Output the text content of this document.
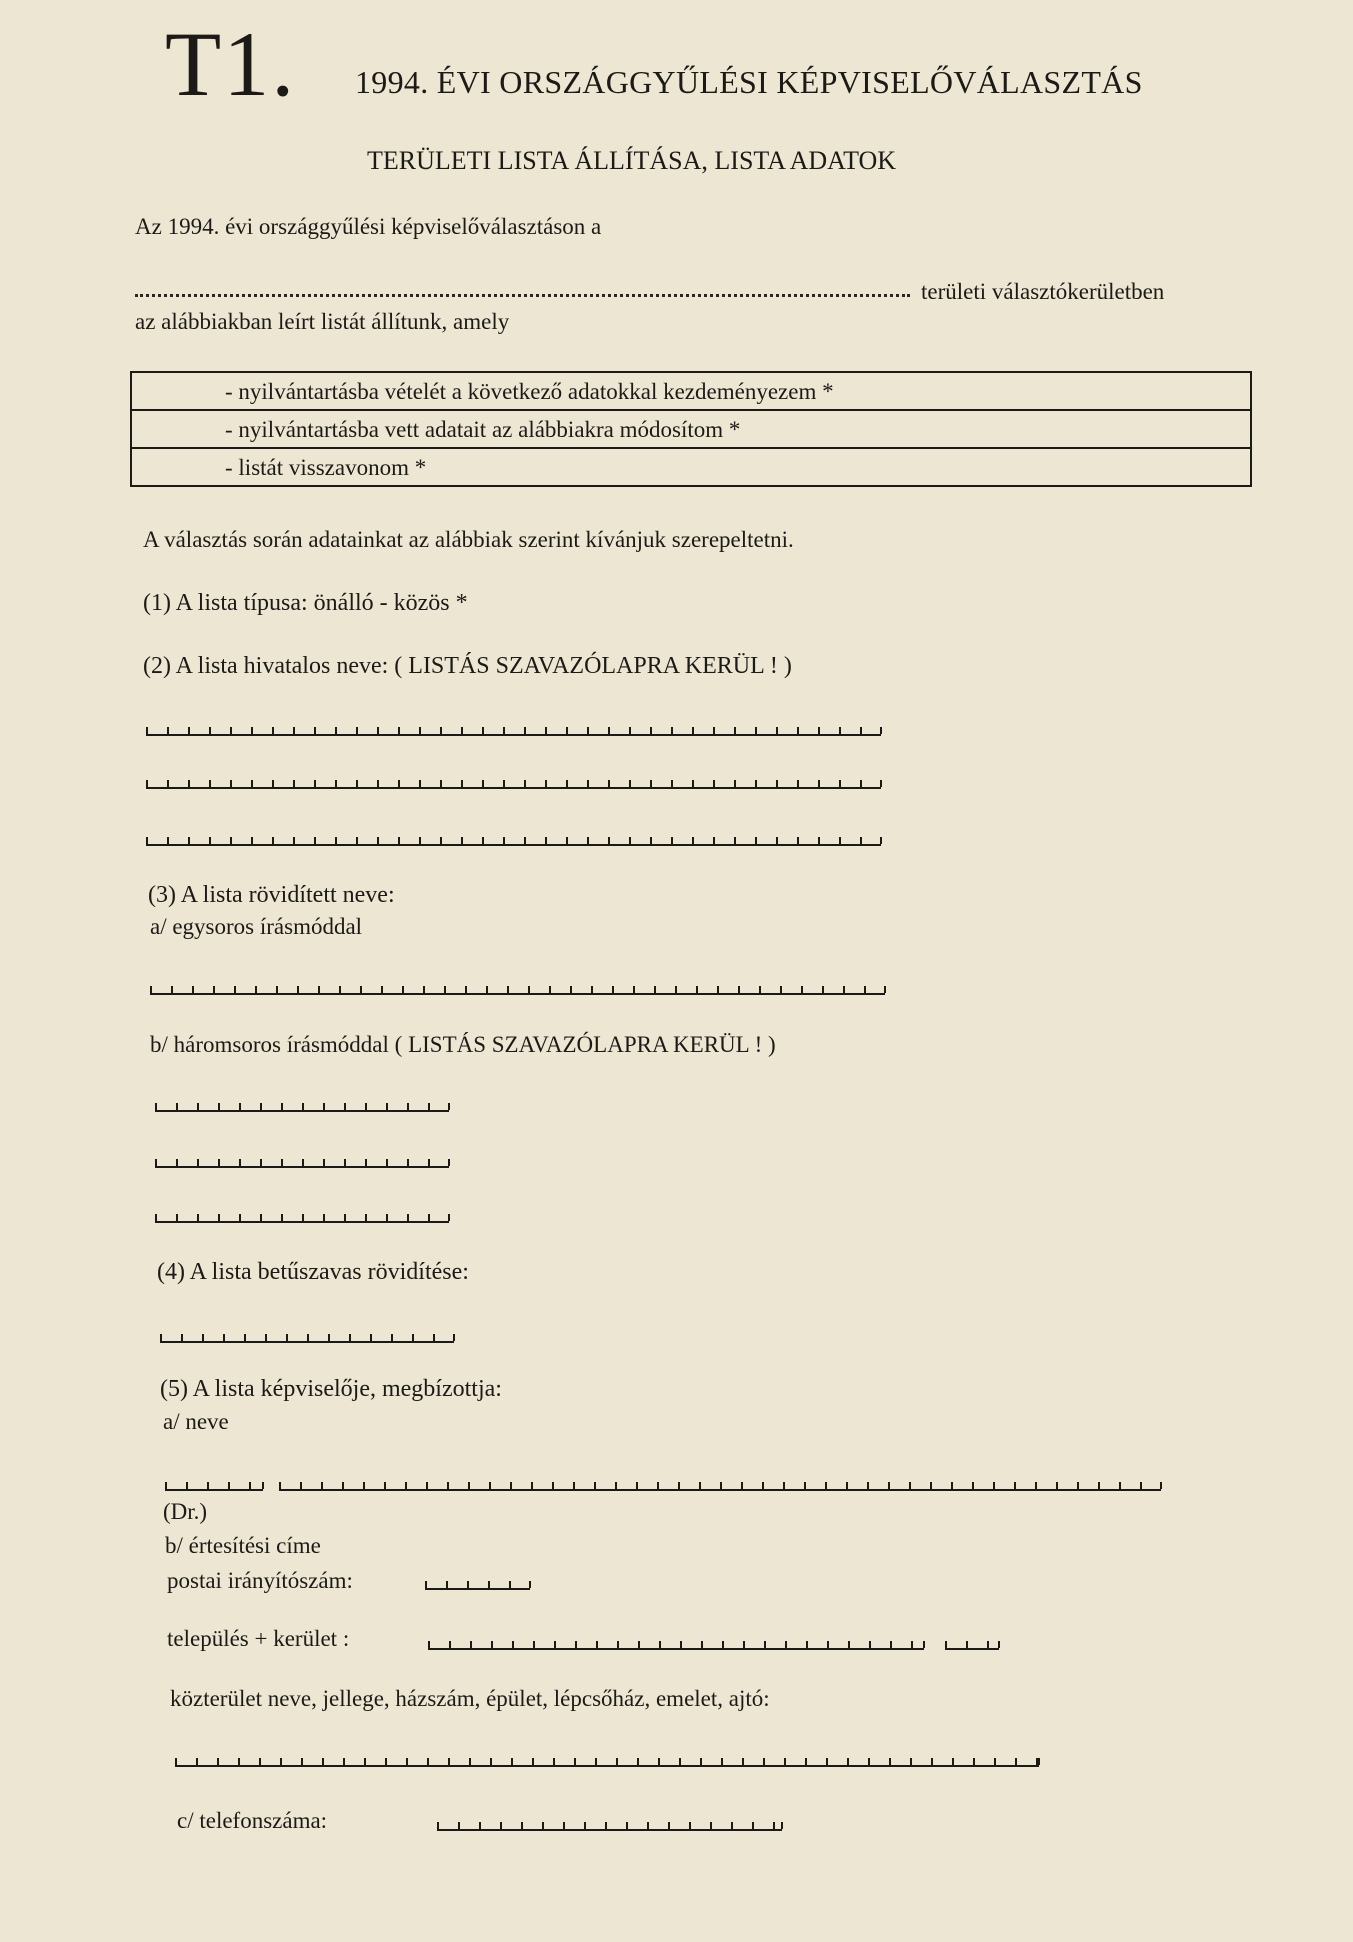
T1. 1994. ÉVI ORSZÁGGYŰLÉSI KÉPVISELŐVÁLASZTÁS
TERÜLETI LISTA ÁLLÍTÁSA, LISTA ADATOK
Az 1994. évi országgyűlési képviselőválasztáson a
területi választókerületben
az alábbiakban leírt listát állítunk, amely
- nyilvántartásba vételét a következő adatokkal kezdeményezem *
- nyilvántartásba vett adatait az alábbiakra módosítom *
- listát visszavonom *
A választás során adatainkat az alábbiak szerint kívánjuk szerepeltetni.
(1) A lista típusa: önálló - közös *
(2) A lista hivatalos neve: ( LISTÁS SZAVAZÓLAPRA KERÜL ! )
(3) A lista rövidített neve:
a/ egysoros írásmóddal
b/ háromsoros írásmóddal ( LISTÁS SZAVAZÓLAPRA KERÜL ! )
(4) A lista betűszavas rövidítése:
(5) A lista képviselője, megbízottja:
a/ neve
(Dr.)
b/ értesítési címe
postai irányítószám:
település + kerület :
közterület neve, jellege, házszám, épület, lépcsőház, emelet, ajtó:
c/ telefonszáma:
